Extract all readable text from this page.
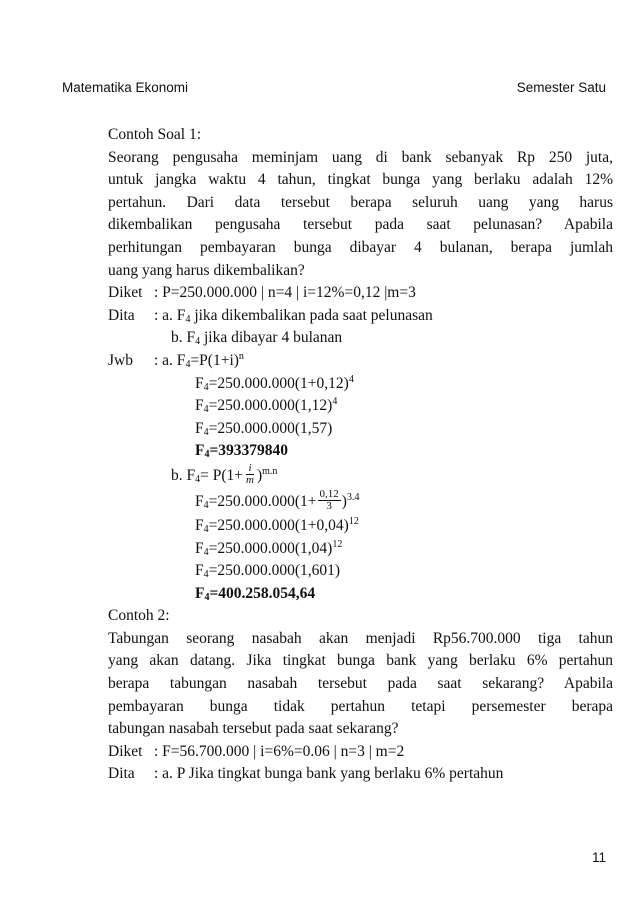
Matematika Ekonomi	Semester Satu
Contoh Soal 1:
Seorang pengusaha meminjam uang di bank sebanyak Rp 250 juta,
untuk jangka waktu 4 tahun, tingkat bunga yang berlaku adalah 12%
pertahun. Dari data tersebut berapa seluruh uang yang harus
dikembalikan pengusaha tersebut pada saat pelunasan? Apabila
perhitungan pembayaran bunga dibayar 4 bulanan, berapa jumlah
uang yang harus dikembalikan?
Diket : P=250.000.000 | n=4 | i=12%=0,12 |m=3
Dita : a. $F_4$ jika dikembalikan pada saat pelunasan
b. $F_4$ jika dibayar 4 bulanan
Jwb : a. $F_4=P(1+i)^n$
$F_4=250.000.000(1+0,12)^4$
$F_4=250.000.000(1,12)^4$
$F_4=250.000.000(1,57)$
$F_4=393379840$
b. $F_4= P(1+ \frac{i}{m} )^{m.n}$
$F_4=250.000.000(1+ \frac{0,12}{3} )^{3.4}$
$F_4=250.000.000(1+0,04)^{12}$
$F_4=250.000.000(1,04)^{12}$
$F_4=250.000.000(1,601)$
$F_4=400.258.054,64$
Contoh 2:
Tabungan seorang nasabah akan menjadi Rp56.700.000 tiga tahun
yang akan datang. Jika tingkat bunga bank yang berlaku 6% pertahun
berapa tabungan nasabah tersebut pada saat sekarang? Apabila
pembayaran bunga tidak pertahun tetapi persemester berapa
tabungan nasabah tersebut pada saat sekarang?
Diket : F=56.700.000 | i=6%=0.06 | n=3 | m=2
Dita : a. P Jika tingkat bunga bank yang berlaku 6% pertahun
11
